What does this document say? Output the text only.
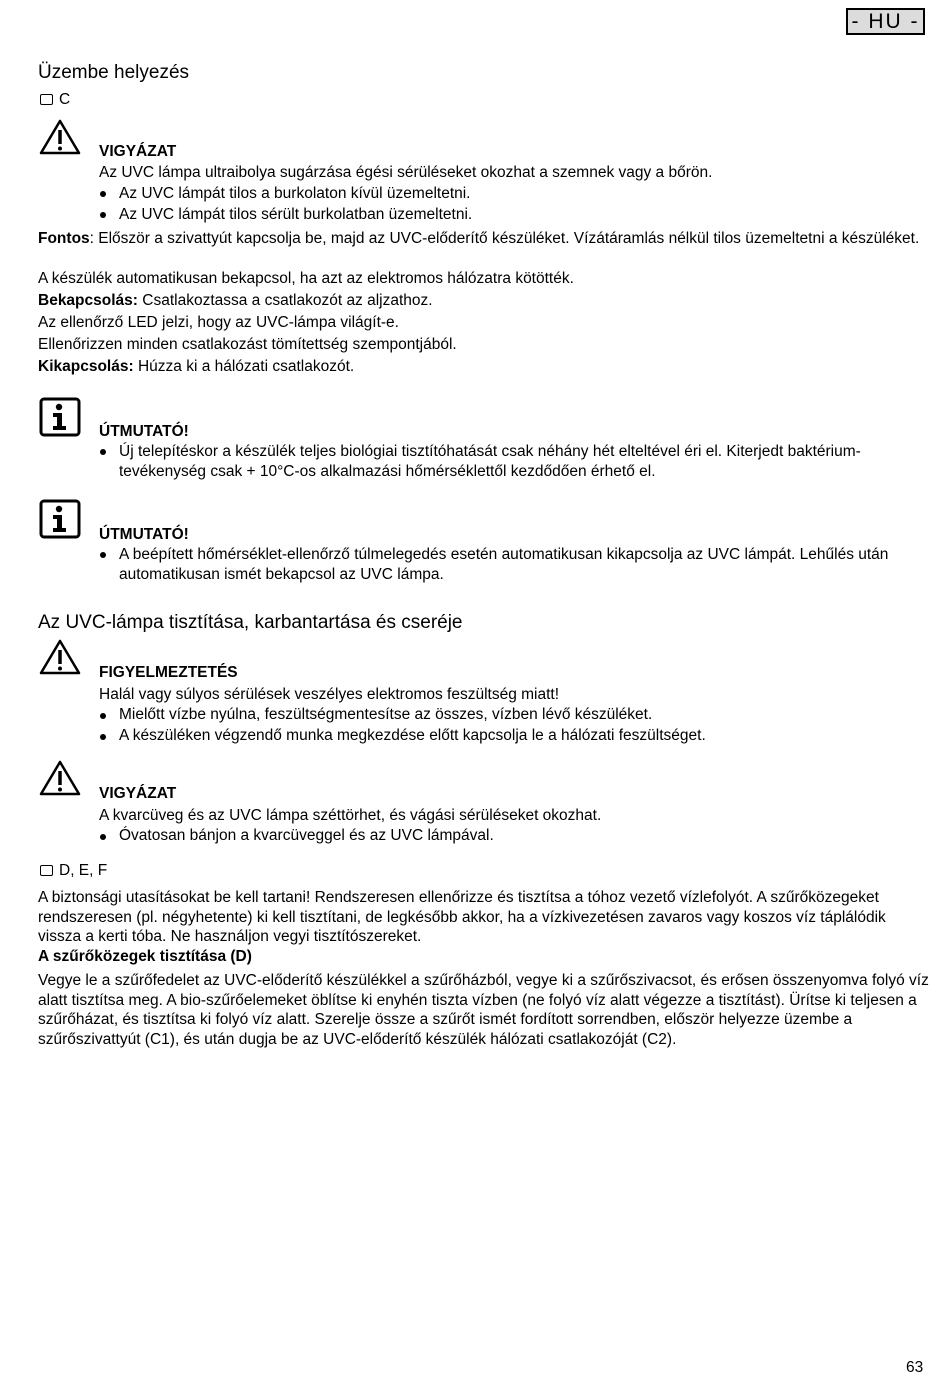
- HU -
Üzembe helyezés
C
VIGYÁZAT
Az UVC lámpa ultraibolya sugárzása égési sérüléseket okozhat a szemnek vagy a bőrön.
Az UVC lámpát tilos a burkolaton kívül üzemeltetni.
Az UVC lámpát tilos sérült burkolatban üzemeltetni.
Fontos: Először a szivattyút kapcsolja be, majd az UVC-előderítő készüléket. Vízátáramlás nélkül tilos üzemeltetni a készüléket.
A készülék automatikusan bekapcsol, ha azt az elektromos hálózatra kötötték.
Bekapcsolás: Csatlakoztassa a csatlakozót az aljzathoz.
Az ellenőrző LED jelzi, hogy az UVC-lámpa világít-e.
Ellenőrizzen minden csatlakozást tömítettség szempontjából.
Kikapcsolás: Húzza ki a hálózati csatlakozót.
ÚTMUTATÓ!
Új telepítéskor a készülék teljes biológiai tisztítóhatását csak néhány hét elteltével éri el. Kiterjedt baktérium-tevékenység csak + 10°C-os alkalmazási hőmérséklettől kezdődően érhető el.
ÚTMUTATÓ!
A beépített hőmérséklet-ellenőrző túlmelegedés esetén automatikusan kikapcsolja az UVC lámpát. Lehűlés után automatikusan ismét bekapcsol az UVC lámpa.
Az UVC-lámpa tisztítása, karbantartása és cseréje
FIGYELMEZTETÉS
Halál vagy súlyos sérülések veszélyes elektromos feszültség miatt!
Mielőtt vízbe nyúlna, feszültségmentesítse az összes, vízben lévő készüléket.
A készüléken végzendő munka megkezdése előtt kapcsolja le a hálózati feszültséget.
VIGYÁZAT
A kvarcüveg és az UVC lámpa széttörhet, és vágási sérüléseket okozhat.
Óvatosan bánjon a kvarcüveggel és az UVC lámpával.
D, E, F
A biztonsági utasításokat be kell tartani! Rendszeresen ellenőrizze és tisztítsa a tóhoz vezető vízlefolyót. A szűrőközegeket rendszeresen (pl. négyhetente) ki kell tisztítani, de legkésőbb akkor, ha a vízkivezetésen zavaros vagy koszos víz táplálódik vissza a kerti tóba. Ne használjon vegyi tisztítószereket.
A szűrőközegek tisztítása (D)
Vegye le a szűrőfedelet az UVC-előderítő készülékkel a szűrőházból, vegye ki a szűrőszivacsot, és erősen összenyomva folyó víz alatt tisztítsa meg. A bio-szűrőelemeket öblítse ki enyhén tiszta vízben (ne folyó víz alatt végezze a tisztítást). Ürítse ki teljesen a szűrőházat, és tisztítsa ki folyó víz alatt. Szerelje össze a szűrőt ismét fordított sorrendben, először helyezze üzembe a szűrőszivattyút (C1), és után dugja be az UVC-előderítő készülék hálózati csatlakozóját (C2).
63
